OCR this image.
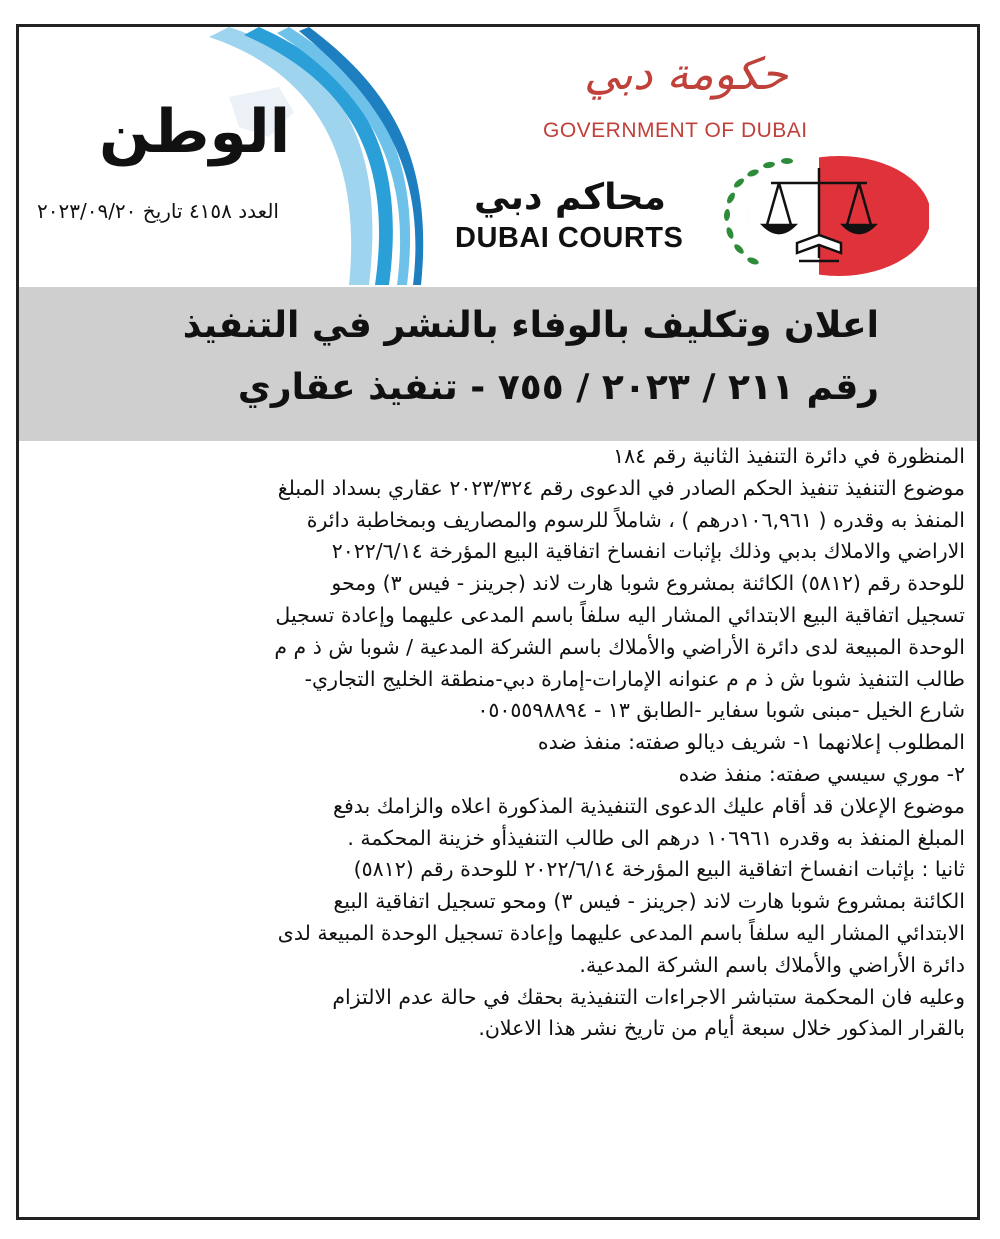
الوطن
العدد ٤١٥٨ تاريخ ٢٠٢٣/٠٩/٢٠
حكومة دبي
GOVERNMENT OF DUBAI
محاكم دبي
DUBAI COURTS
اعلان وتكليف بالوفاء بالنشر في التنفيذ
رقم ٢١١ / ٢٠٢٣ / ٧٥٥ - تنفيذ عقاري

المنظورة في دائرة التنفيذ الثانية رقم ١٨٤

موضوع التنفيذ تنفيذ الحكم الصادر في الدعوى رقم ٢٠٢٣/٣٢٤ عقاري بسداد المبلغ

المنفذ به وقدره ( ١٠٦,٩٦١درهم ) ، شاملاً للرسوم والمصاريف وبمخاطبة دائرة

الاراضي والاملاك بدبي وذلك بإثبات انفساخ اتفاقية البيع المؤرخة ٢٠٢٢/٦/١٤

للوحدة رقم (٥٨١٢) الكائنة بمشروع شوبا هارت لاند (جرينز - فيس ٣) ومحو

تسجيل اتفاقية البيع الابتدائي المشار اليه سلفاً باسم المدعى عليهما وإعادة تسجيل

الوحدة المبيعة لدى دائرة الأراضي والأملاك باسم الشركة المدعية / شوبا ش ذ م م

طالب التنفيذ شوبا ش ذ م م عنوانه الإمارات-إمارة دبي-منطقة الخليج التجاري-

شارع الخيل -مبنى شوبا سفاير -الطابق ١٣ - ٠٥٠٥٥٩٨٨٩٤

المطلوب إعلانهما ١- شريف ديالو صفته: منفذ ضده

٢- موري سيسي صفته: منفذ ضده

موضوع الإعلان قد أقام عليك الدعوى التنفيذية المذكورة اعلاه والزامك بدفع

المبلغ المنفذ به وقدره ١٠٦٩٦١ درهم الى طالب التنفيذأو خزينة المحكمة .

ثانيا : بإثبات انفساخ اتفاقية البيع المؤرخة ٢٠٢٢/٦/١٤ للوحدة رقم (٥٨١٢)

الكائنة بمشروع شوبا هارت لاند (جرينز - فيس ٣) ومحو تسجيل اتفاقية البيع

الابتدائي المشار اليه سلفاً باسم المدعى عليهما وإعادة تسجيل الوحدة المبيعة لدى

دائرة الأراضي والأملاك باسم الشركة المدعية.

وعليه فان المحكمة ستباشر الاجراءات التنفيذية بحقك في حالة عدم الالتزام

بالقرار المذكور خلال سبعة أيام من تاريخ نشر هذا الاعلان.
